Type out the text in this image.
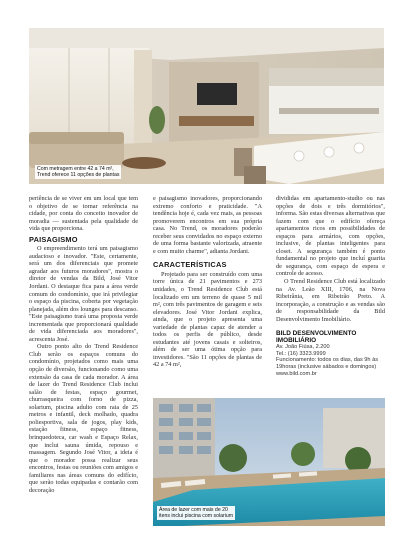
Com metragem entre 42 a 74 m²,
Trend oferece 11 opções de plantas

periência de se viver em um local que tem o objetivo de se tornar referência na cidade, por conta do conceito inovador de moradia — sustentada pela qualidade de vida que proporciona.

PAISAGISMO

O empreendimento terá um paisagismo audacioso e inovador. "Este, certamente, será um dos diferenciais que promete agradar aos futuros moradores", mostra o diretor de vendas da Bild, José Vitor Jordani. O destaque fica para a área verde comum do condomínio, que irá privilegiar o espaço da piscina, coberta por vegetação planejada, além dos lounges para descanso. "Este paisagismo trará uma proposta verde incrementada que proporcionará qualidade de vida diferenciada aos moradores", acrescenta José.

Outro ponto alto do Trend Residence Club serão os espaços comuns do condomínio, projetados como mais uma opção de diversão, funcionando como uma extensão da casa de cada morador. A área de lazer do Trend Residence Club inclui salão de festas, espaço gourmet, churrasqueira com forno de pizza, solarium, piscina adulto com raia de 25 metros e infantil, deck molhado, quadra poliesportiva, sala de jogos, play kids, estação fitness, espaço fitness, brinquedoteca, car wash e Espaço Relax, que inclui sauna úmida, repouso e massagem. Segundo José Vitor, a ideia é que o morador possa realizar seus encontros, festas ou reuniões com amigos e familiares nas áreas comuns do edifício, que serão todas equipadas e contarão com decoração

e paisagismo inovadores, proporcionando extremo conforto e praticidade. "A tendência hoje é, cada vez mais, as pessoas promoverem encontros em sua própria casa. No Trend, os moradores poderão receber seus convidados no espaço externo de uma forma bastante valorizada, atraente e com muito charme", adianta Jordani.

CARACTERÍSTICAS

Projetado para ser construído com uma torre única de 21 pavimentos e 273 unidades, o Trend Residence Club está localizado em um terreno de quase 5 mil m², com três pavimentos de garagem e seis elevadores. José Vitor Jordani explica, ainda, que o projeto apresenta uma variedade de plantas capaz de atender a todos os perfis de público, desde estudantes até jovens casais e solteiros, além de ser uma ótima opção para investidores. "São 11 opções de plantas de 42 a 74 m²,

divididas em apartamento-studio ou nas opções de dois e três dormitórios", informa. São estas diversas alternativas que fazem com que o edifício ofereça apartamentos ricos em possibilidades de espaços para armários, com opções, inclusive, de plantas inteligentes para closet. A segurança também é ponto fundamental no projeto que incluí guarita de segurança, com espaço de espera e controle de acesso.

O Trend Residence Club está localizado na Av. Leão XIII, 1706, na Nova Ribeirânia, em Ribeirão Preto. A incorporação, a construção e as vendas são de responsabilidade da Bild Desenvolvimento Imobiliário.

BILD DESENVOLVIMENTO
IMOBILIÁRIO
Av. João Fiúsa, 2.200
Tel.: (16) 3323.9999
Funcionamento: todos os dias, das 9h às
19horas (inclusive sábados e domingos)
www.bild.com.br
Área de lazer com mais de 20
itens inclui piscina com solarium
